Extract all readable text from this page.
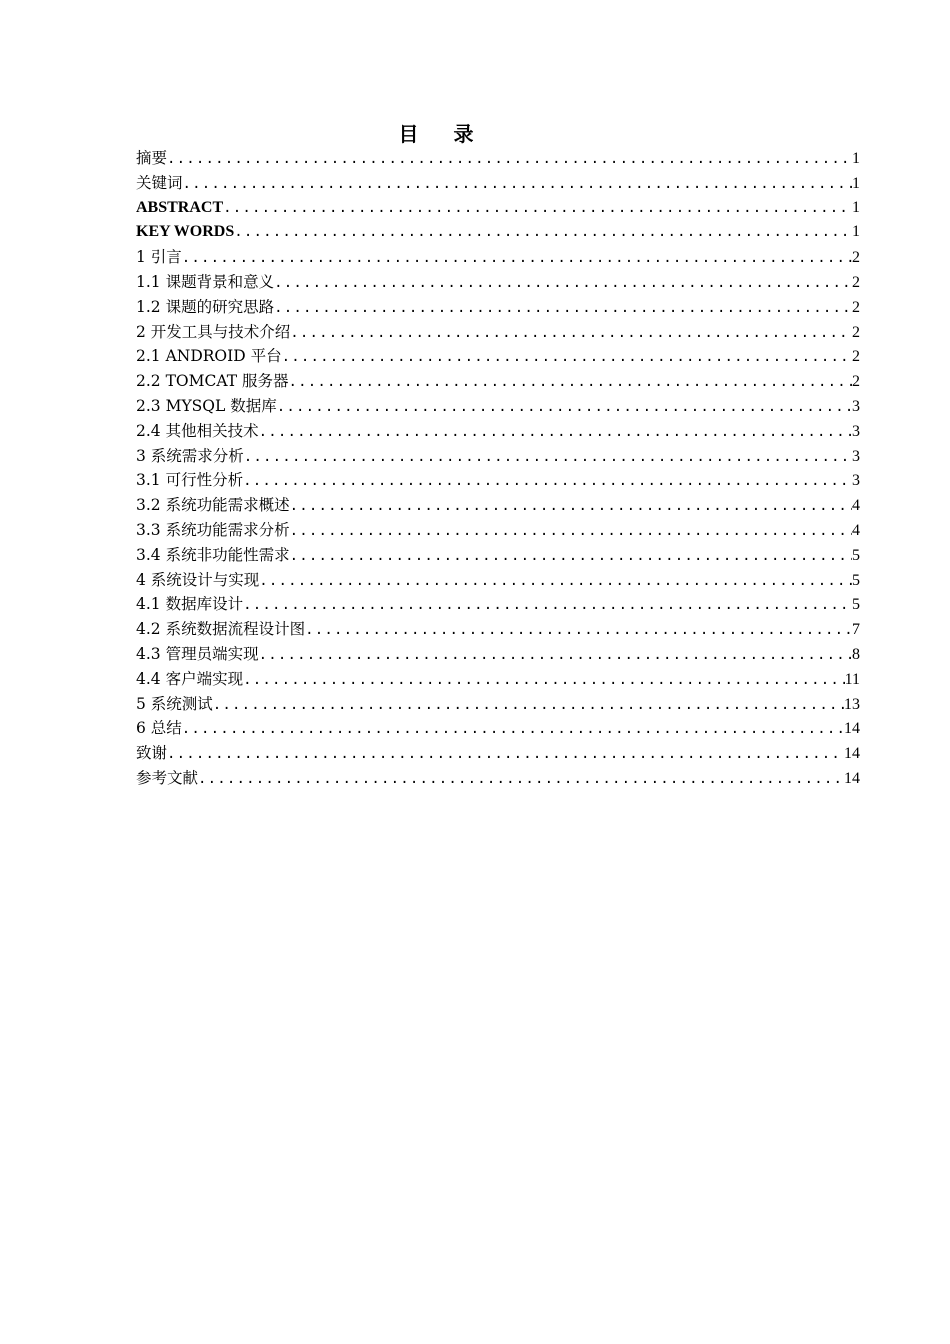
目 录
摘要 .....	1
关键词 .....	1
ABSTRACT .....	1
KEY WORDS .....	1
1 引言 .....	2
1.1 课题背景和意义 .....	2
1.2 课题的研究思路 .....	2
2 开发工具与技术介绍 .....	2
2.1 ANDROID 平台 .....	2
2.2 TOMCAT 服务器 .....	2
2.3 MYSQL 数据库 .....	3
2.4 其他相关技术 .....	3
3 系统需求分析 .....	3
3.1 可行性分析 .....	3
3.2 系统功能需求概述 .....	4
3.3 系统功能需求分析 .....	4
3.4 系统非功能性需求 .....	5
4 系统设计与实现 .....	5
4.1 数据库设计 .....	5
4.2 系统数据流程设计图 .....	7
4.3 管理员端实现 .....	8
4.4 客户端实现 .....	11
5 系统测试 .....	13
6 总结 .....	14
致谢 .....	14
参考文献 .....	14
